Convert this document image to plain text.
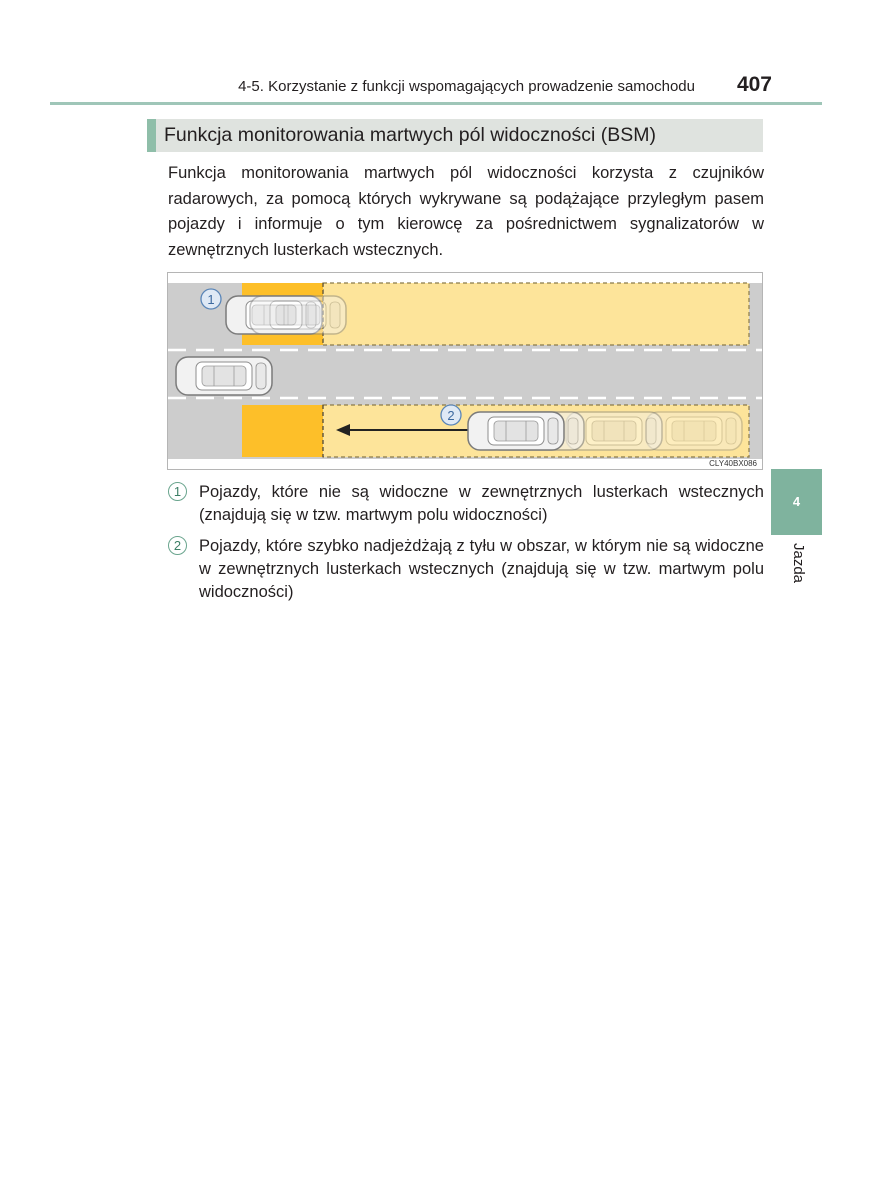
4-5. Korzystanie z funkcji wspomagających prowadzenie samochodu	407
Funkcja monitorowania martwych pól widoczności (BSM)
Funkcja monitorowania martwych pól widoczności korzysta z czujników radarowych, za pomocą których wykrywane są podążające przyległym pasem pojazdy i informuje o tym kierowcę za pośrednictwem sygnalizatorów w zewnętrznych lusterkach wstecznych.
1
2
CLY40BX086
1	Pojazdy, które nie są widoczne w zewnętrznych lusterkach wstecznych (znajdują się w tzw. martwym polu widoczności)
2	Pojazdy, które szybko nadjeżdżają z tyłu w obszar, w którym nie są widoczne w zewnętrznych lusterkach wstecznych (znajdują się w tzw. martwym polu widoczności)
4
Jazda
